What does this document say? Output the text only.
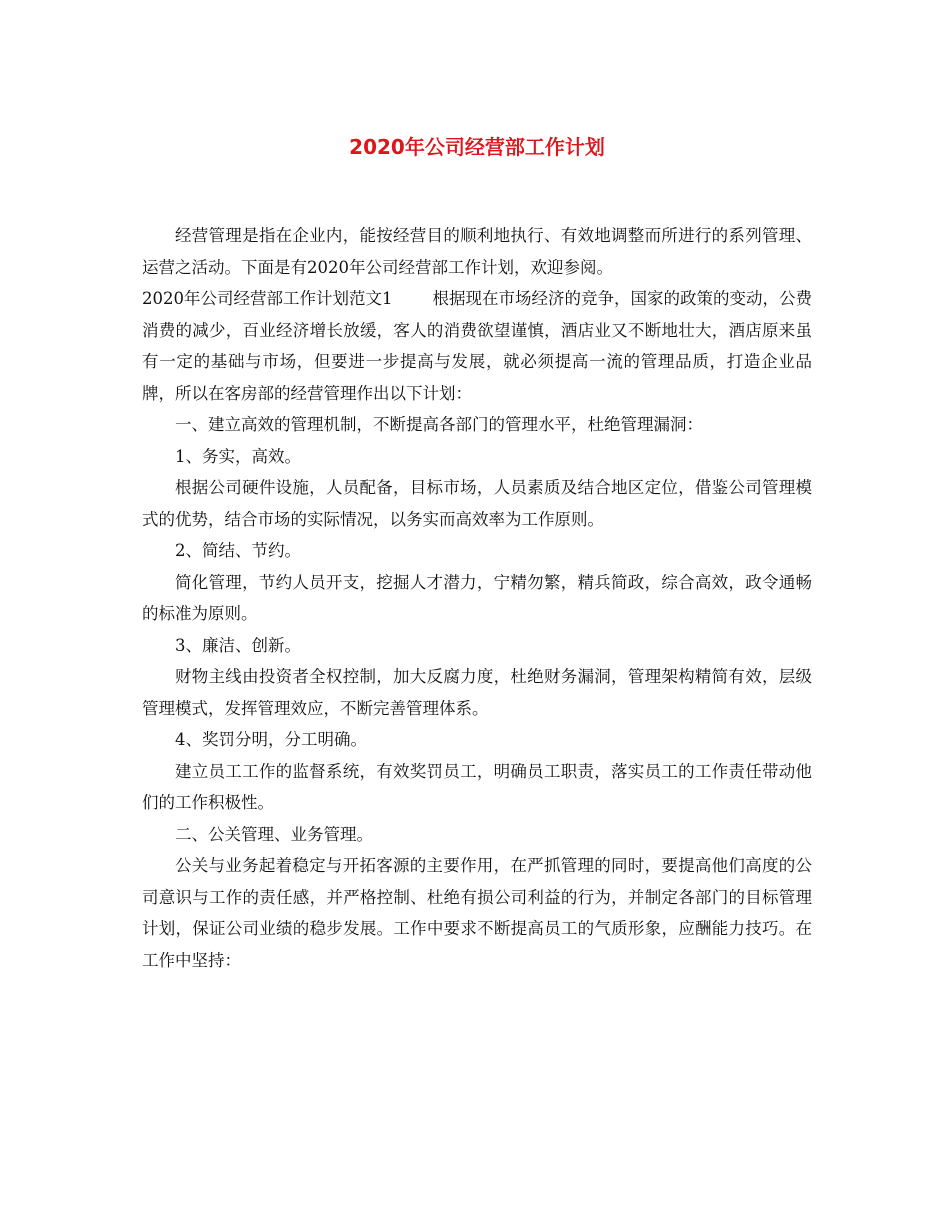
2020年公司经营部工作计划

经营管理是指在企业内，能按经营目的顺利地执行、有效地调整而所进行的系列管理、运营之活动。下面是有2020年公司经营部工作计划，欢迎参阅。

2020年公司经营部工作计划范文1 根据现在市场经济的竞争，国家的政策的变动，公费消费的减少，百业经济增长放缓，客人的消费欲望谨慎，酒店业又不断地壮大，酒店原来虽有一定的基础与市场，但要进一步提高与发展，就必须提高一流的管理品质，打造企业品牌，所以在客房部的经营管理作出以下计划：

一、建立高效的管理机制，不断提高各部门的管理水平，杜绝管理漏洞：

1、务实，高效。

根据公司硬件设施，人员配备，目标市场，人员素质及结合地区定位，借鉴公司管理模式的优势，结合市场的实际情况，以务实而高效率为工作原则。

2、简结、节约。

简化管理，节约人员开支，挖掘人才潜力，宁精勿繁，精兵简政，综合高效，政令通畅的标准为原则。

3、廉洁、创新。

财物主线由投资者全权控制，加大反腐力度，杜绝财务漏洞，管理架构精简有效，层级管理模式，发挥管理效应，不断完善管理体系。

4、奖罚分明，分工明确。

建立员工工作的监督系统，有效奖罚员工，明确员工职责，落实员工的工作责任带动他们的工作积极性。

二、公关管理、业务管理。

公关与业务起着稳定与开拓客源的主要作用，在严抓管理的同时，要提高他们高度的公司意识与工作的责任感，并严格控制、杜绝有损公司利益的行为，并制定各部门的目标管理计划，保证公司业绩的稳步发展。工作中要求不断提高员工的气质形象，应酬能力技巧。在工作中坚持：
